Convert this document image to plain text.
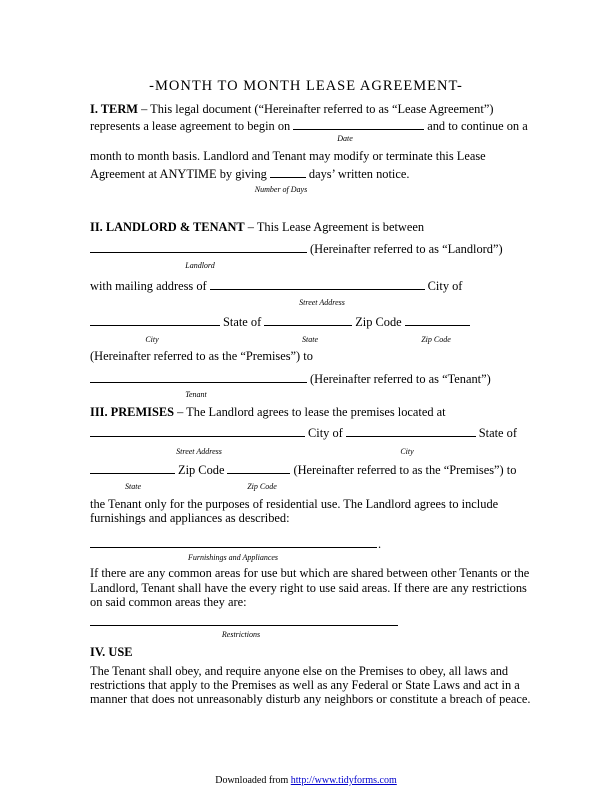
-MONTH TO MONTH LEASE AGREEMENT-
I. TERM – This legal document (“Hereinafter referred to as “Lease Agreement”)
represents a lease agreement to begin on	and to continue on a
Date
month to month basis. Landlord and Tenant may modify or terminate this Lease
Agreement at ANYTIME by giving	days’ written notice.
Number of Days
II. LANDLORD & TENANT – This Lease Agreement is between
(Hereinafter referred to as “Landlord”)
Landlord
with mailing address of	City of
Street Address
State of	Zip Code
City	State	Zip Code
(Hereinafter referred to as the “Premises”) to
(Hereinafter referred to as “Tenant”)
Tenant
III. PREMISES – The Landlord agrees to lease the premises located at
City of	State of
Street Address	City
Zip Code	(Hereinafter referred to as the “Premises”) to
State	Zip Code
the Tenant only for the purposes of residential use. The Landlord agrees to include
furnishings and appliances as described:
.
Furnishings and Appliances
If there are any common areas for use but which are shared between other Tenants or the
Landlord, Tenant shall have the every right to use said areas. If there are any restrictions
on said common areas they are:
Restrictions
IV. USE
The Tenant shall obey, and require anyone else on the Premises to obey, all laws and
restrictions that apply to the Premises as well as any Federal or State Laws and act in a
manner that does not unreasonably disturb any neighbors or constitute a breach of peace.
Downloaded from http://www.tidyforms.com
